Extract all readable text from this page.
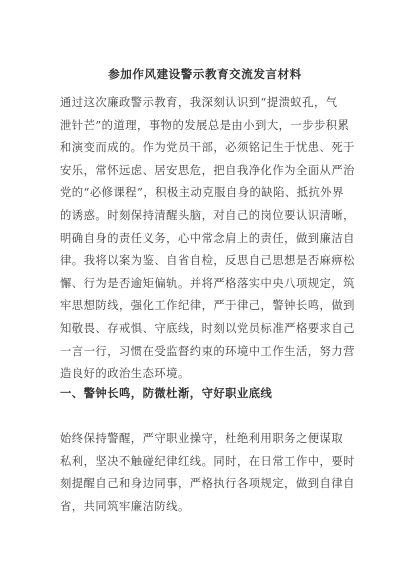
参加作风建设警示教育交流发言材料
通过这次廉政警示教育，我深刻认识到“提溃蚁孔，气
泄针芒”的道理，事物的发展总是由小到大，一步步积累
和演变而成的。作为党员干部，必须铭记生于忧患、死于
安乐，常怀远虑、居安思危，把自我净化作为全面从严治
党的“必修课程”，积极主动克服自身的缺陷、抵抗外界
的诱惑。时刻保持清醒头脑，对自己的岗位要认识清晰，
明确自身的责任义务，心中常念肩上的责任，做到廉洁自
律。我将以案为鉴、自省自检，反思自己思想是否麻痹松
懈、行为是否逾矩偏轨。并将严格落实中央八项规定，筑
牢思想防线，强化工作纪律，严于律己，警钟长鸣，做到
知敬畏、存戒惧、守底线，时刻以党员标准严格要求自己
一言一行，习惯在受监督约束的环境中工作生活，努力营
造良好的政治生态环境。
一、警钟长鸣，防微杜渐，守好职业底线
始终保持警醒，严守职业操守，杜绝利用职务之便谋取
私利，坚决不触碰纪律红线。同时，在日常工作中，要时
刻提醒自己和身边同事，严格执行各项规定，做到自律自
省，共同筑牢廉洁防线。
